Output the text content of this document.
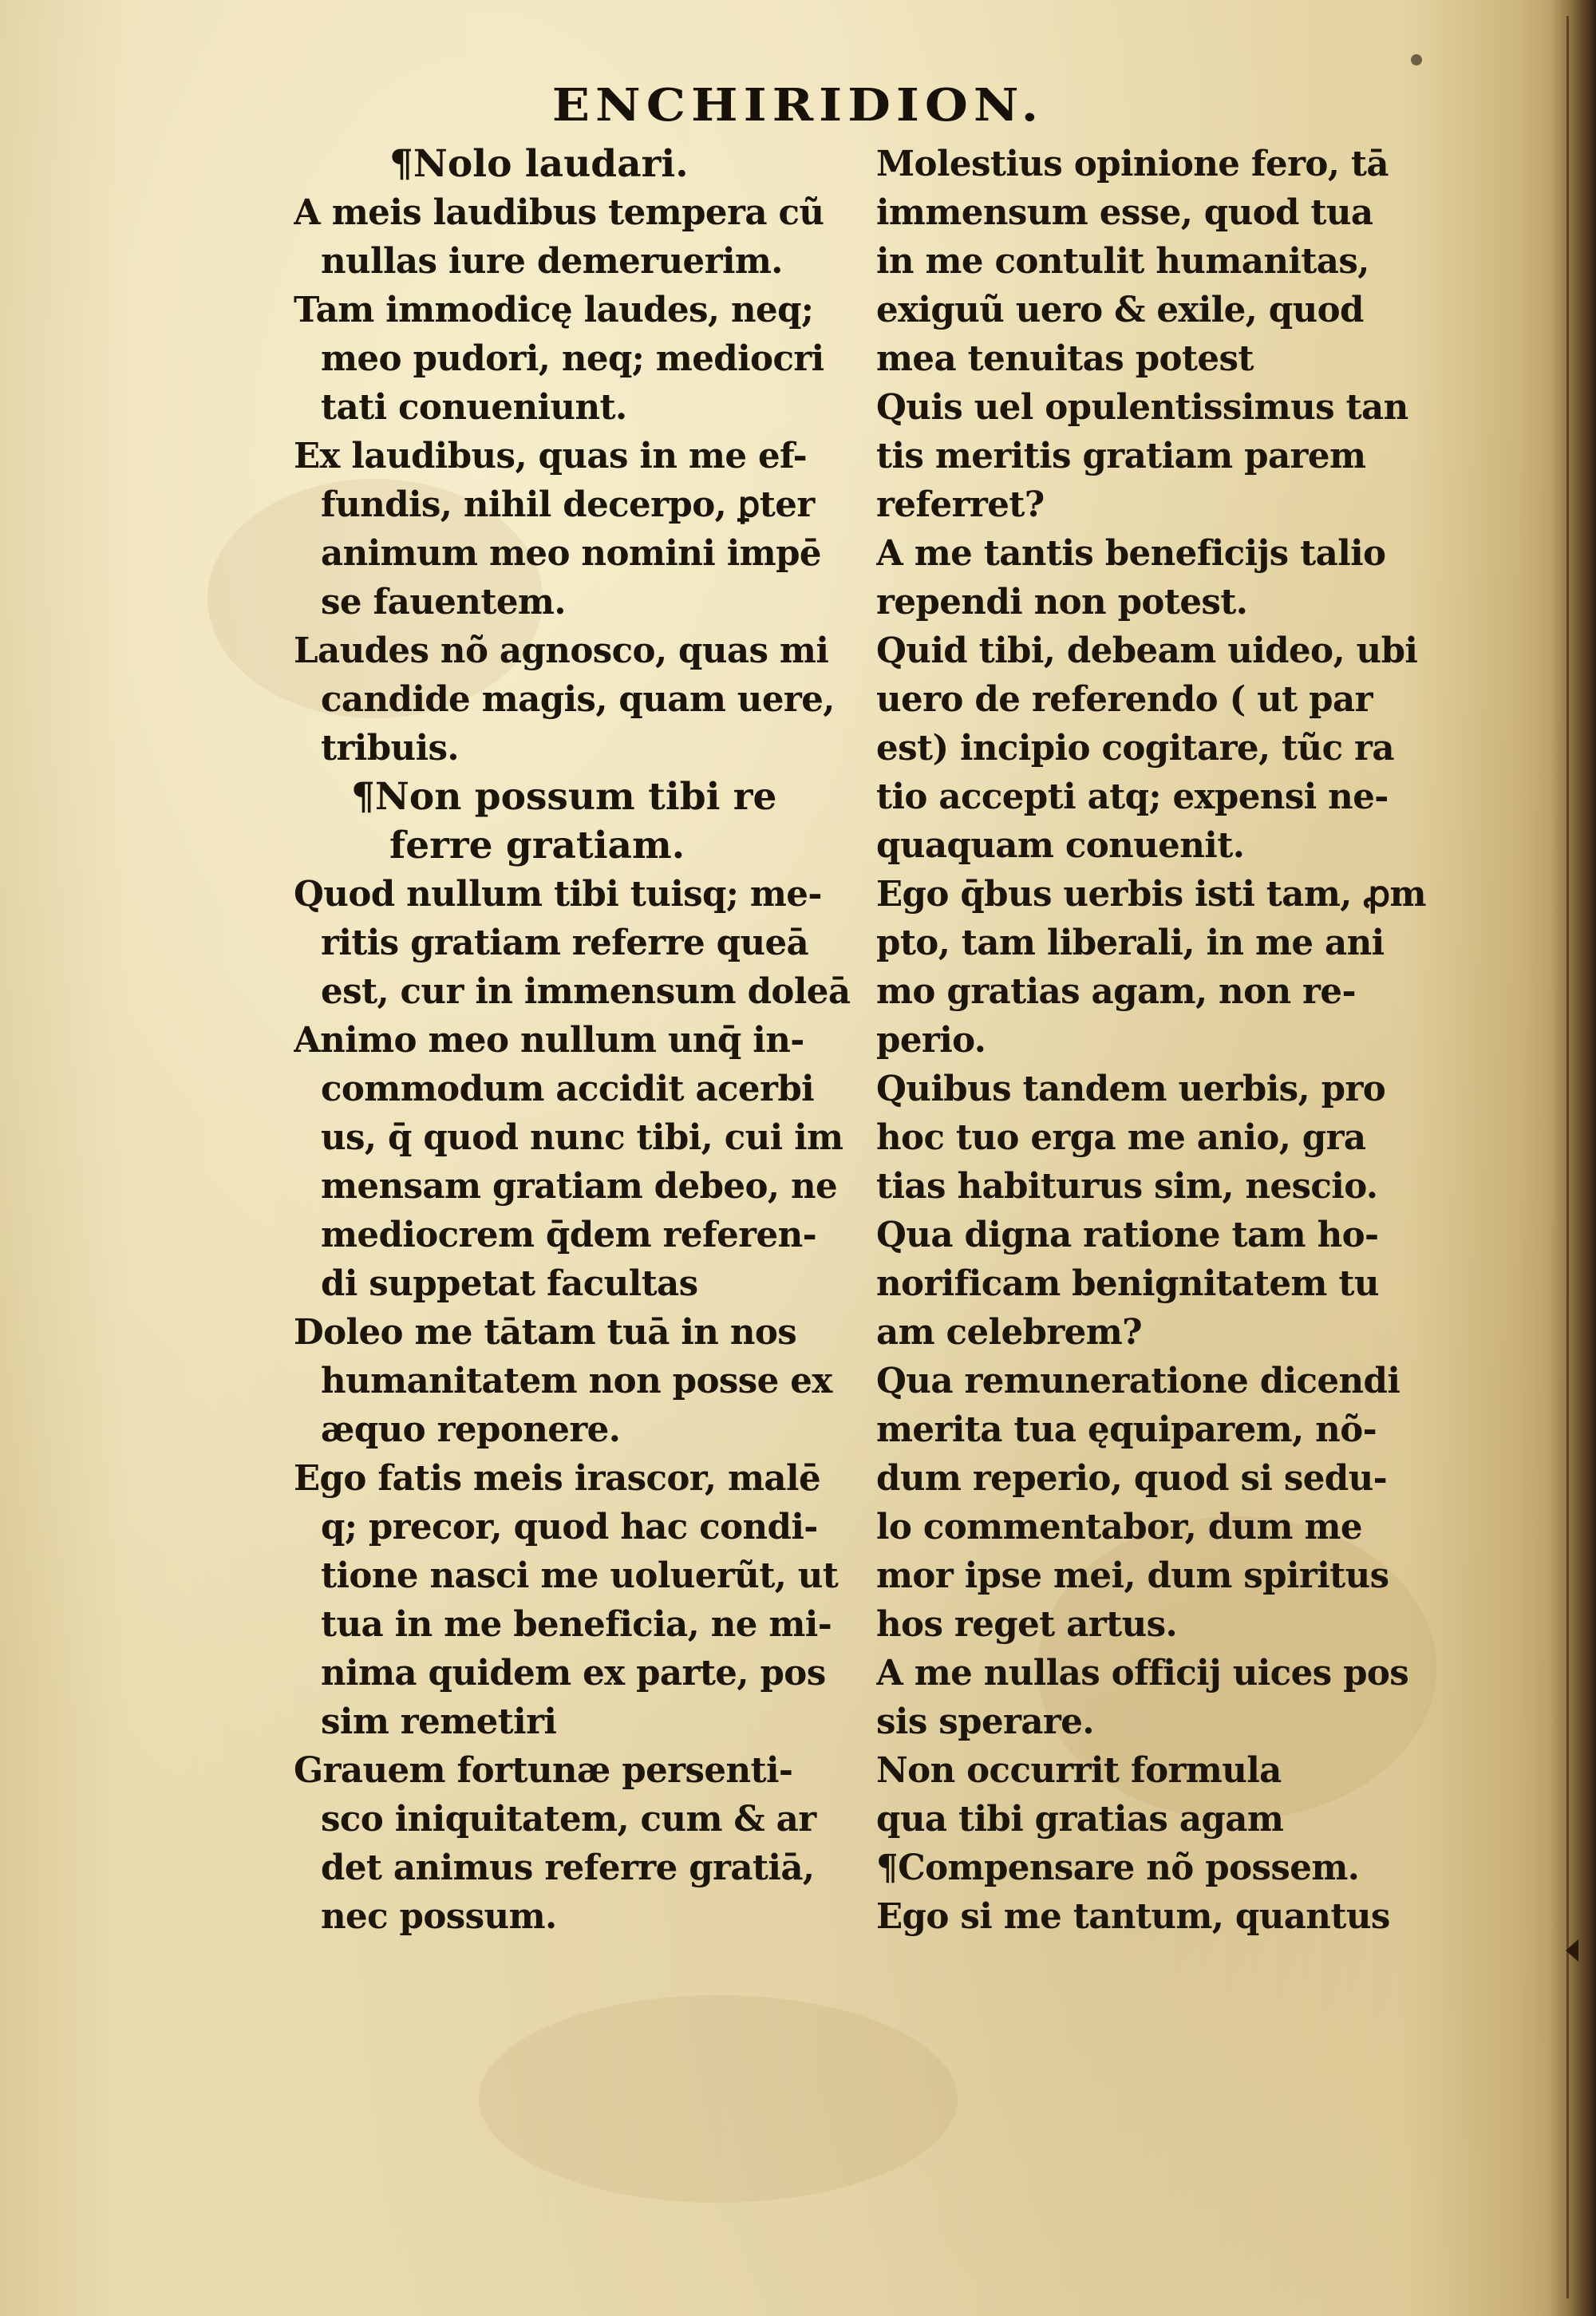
ENCHIRIDION.
¶Nolo laudari.
A meis laudibus tempera cũ
nullas iure demeruerim.
Tam immodicę laudes, neq;
meo pudori, neq; mediocri
tati conueniunt.
Ex laudibus, quas in me ef-
fundis, nihil decerpo, ꝑter
animum meo nomini impē
se fauentem.
Laudes nõ agnosco, quas mi
candide magis, quam uere,
tribuis.
¶Non possum tibi re
ferre gratiam.
Quod nullum tibi tuisq; me-
ritis gratiam referre queā
est, cur in immensum doleā
Animo meo nullum unq̄ in-
commodum accidit acerbi
us, q̄ quod nunc tibi, cui im
mensam gratiam debeo, ne
mediocrem q̄dem referen-
di suppetat facultas
Doleo me tātam tuā in nos
humanitatem non posse ex
æquo reponere.
Ego fatis meis irascor, malē
q; precor, quod hac condi-
tione nasci me uoluerũt, ut
tua in me beneficia, ne mi-
nima quidem ex parte, pos
sim remetiri
Grauem fortunæ persenti-
sco iniquitatem, cum & ar
det animus referre gratiā,
nec possum.
Molestius opinione fero, tā
immensum esse, quod tua
in me contulit humanitas,
exiguũ uero & exile, quod
mea tenuitas potest
Quis uel opulentissimus tan
tis meritis gratiam parem
referret?
A me tantis beneficijs talio
rependi non potest.
Quid tibi, debeam uideo, ubi
uero de referendo ( ut par
est) incipio cogitare, tũc ra
tio accepti atq; expensi ne-
quaquam conuenit.
Ego q̄bus uerbis isti tam, ꝓm
pto, tam liberali, in me ani
mo gratias agam, non re-
perio.
Quibus tandem uerbis, pro
hoc tuo erga me anio, gra
tias habiturus sim, nescio.
Qua digna ratione tam ho-
norificam benignitatem tu
am celebrem?
Qua remuneratione dicendi
merita tua ęquiparem, nõ-
dum reperio, quod si sedu-
lo commentabor, dum me
mor ipse mei, dum spiritus
hos reget artus.
A me nullas officij uices pos
sis sperare.
Non occurrit formula
qua tibi gratias agam
¶Compensare nõ possem.
Ego si me tantum, quantus
